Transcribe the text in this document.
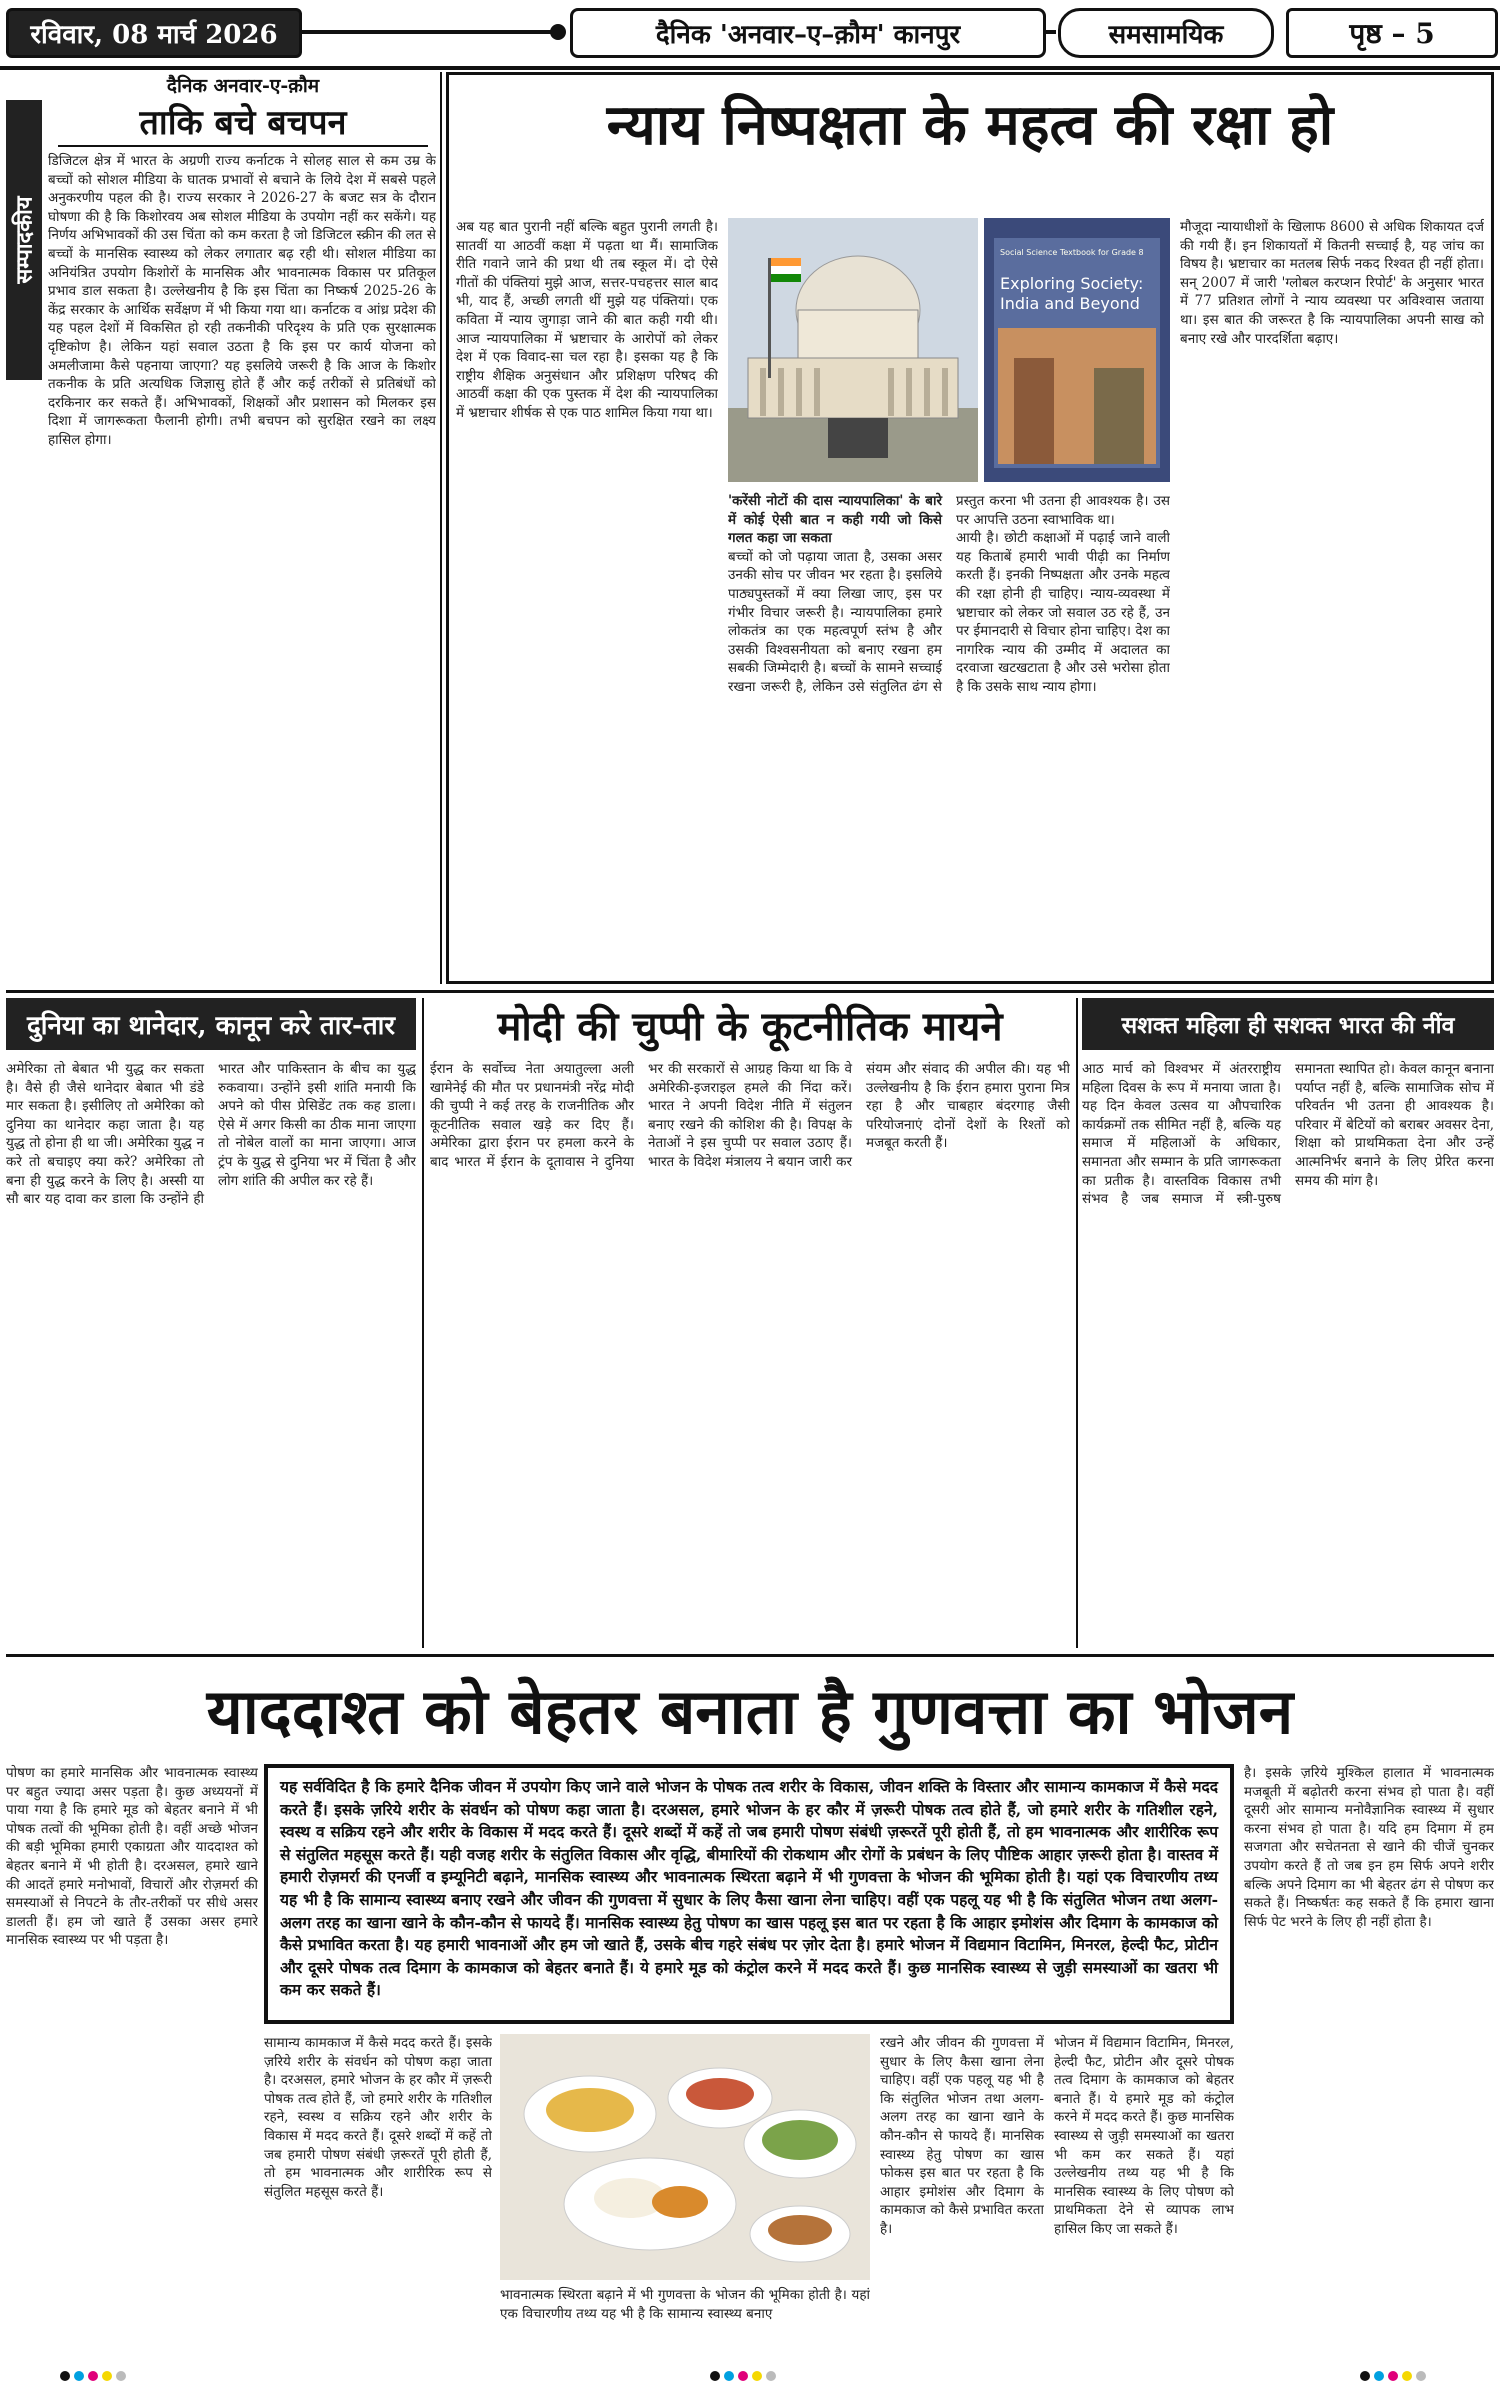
रविवार, 08 मार्च 2026	दैनिक 'अनवार–ए–क़ौम' कानपुर	समसामयिक	पृष्ठ – 5
सम्पादकीय
दैनिक अनवार-ए-क़ौम
ताकि बचे बचपन
डिजिटल क्षेत्र में भारत के अग्रणी राज्य कर्नाटक ने सोलह साल से कम उम्र के बच्चों को सोशल मीडिया के घातक प्रभावों से बचाने के लिये देश में सबसे पहले अनुकरणीय पहल की है। राज्य सरकार ने 2026-27 के बजट सत्र के दौरान घोषणा की है कि किशोरवय अब सोशल मीडिया के उपयोग नहीं कर सकेंगे। यह निर्णय अभिभावकों की उस चिंता को कम करता है जो डिजिटल स्क्रीन की लत से बच्चों के मानसिक स्वास्थ्य को लेकर लगातार बढ़ रही थी। सोशल मीडिया का अनियंत्रित उपयोग किशोरों के मानसिक और भावनात्मक विकास पर प्रतिकूल प्रभाव डाल सकता है। उल्लेखनीय है कि इस चिंता का निष्कर्ष 2025-26 के केंद्र सरकार के आर्थिक सर्वेक्षण में भी किया गया था। कर्नाटक व आंध्र प्रदेश की यह पहल देशों में विकसित हो रही तकनीकी परिदृश्य के प्रति एक सुरक्षात्मक दृष्टिकोण है। लेकिन यहां सवाल उठता है कि इस पर कार्य योजना को अमलीजामा कैसे पहनाया जाएगा? यह इसलिये जरूरी है कि आज के किशोर तकनीक के प्रति अत्यधिक जिज्ञासु होते हैं और कई तरीकों से प्रतिबंधों को दरकिनार कर सकते हैं। अभिभावकों, शिक्षकों और प्रशासन को मिलकर इस दिशा में जागरूकता फैलानी होगी। तभी बचपन को सुरक्षित रखने का लक्ष्य हासिल होगा।
न्याय निष्पक्षता के महत्व की रक्षा हो
अब यह बात पुरानी नहीं बल्कि बहुत पुरानी लगती है। सातवीं या आठवीं कक्षा में पढ़ता था मैं। सामाजिक रीति गवाने जाने की प्रथा थी तब स्कूल में। दो ऐसे गीतों की पंक्तियां मुझे आज, सत्तर-पचहत्तर साल बाद भी, याद हैं, अच्छी लगती थीं मुझे यह पंक्तियां। एक कविता में न्याय जुगाड़ा जाने की बात कही गयी थी। आज न्यायपालिका में भ्रष्टाचार के आरोपों को लेकर देश में एक विवाद-सा चल रहा है। इसका यह है कि राष्ट्रीय शैक्षिक अनुसंधान और प्रशिक्षण परिषद की आठवीं कक्षा की एक पुस्तक में देश की न्यायपालिका में भ्रष्टाचार शीर्षक से एक पाठ शामिल किया गया था।
Exploring Society: India and Beyond
Social Science Textbook for Grade 8
'करेंसी नोटों की दास न्यायपालिका' के बारे में कोई ऐसी बात न कही गयी जो किसे गलत कहा जा सकता
बच्चों को जो पढ़ाया जाता है, उसका असर उनकी सोच पर जीवन भर रहता है। इसलिये पाठ्यपुस्तकों में क्या लिखा जाए, इस पर गंभीर विचार जरूरी है। न्यायपालिका हमारे लोकतंत्र का एक महत्वपूर्ण स्तंभ है और उसकी विश्वसनीयता को बनाए रखना हम सबकी जिम्मेदारी है। बच्चों के सामने सच्चाई रखना जरूरी है, लेकिन उसे संतुलित ढंग से प्रस्तुत करना भी उतना ही आवश्यक है। उस पर आपत्ति उठना स्वाभाविक था।
आयी है। छोटी कक्षाओं में पढ़ाई जाने वाली यह किताबें हमारी भावी पीढ़ी का निर्माण करती हैं। इनकी निष्पक्षता और उनके महत्व की रक्षा होनी ही चाहिए। न्याय-व्यवस्था में भ्रष्टाचार को लेकर जो सवाल उठ रहे हैं, उन पर ईमानदारी से विचार होना चाहिए। देश का नागरिक न्याय की उम्मीद में अदालत का दरवाजा खटखटाता है और उसे भरोसा होता है कि उसके साथ न्याय होगा।
मौजूदा न्यायाधीशों के खिलाफ 8600 से अधिक शिकायत दर्ज की गयी हैं। इन शिकायतों में कितनी सच्चाई है, यह जांच का विषय है। भ्रष्टाचार का मतलब सिर्फ नकद रिश्वत ही नहीं होता। सन् 2007 में जारी 'ग्लोबल करप्शन रिपोर्ट' के अनुसार भारत में 77 प्रतिशत लोगों ने न्याय व्यवस्था पर अविश्वास जताया था। इस बात की जरूरत है कि न्यायपालिका अपनी साख को बनाए रखे और पारदर्शिता बढ़ाए।
दुनिया का थानेदार, कानून करे तार-तार
अमेरिका तो बेबात भी युद्ध कर सकता है। वैसे ही जैसे थानेदार बेबात भी डंडे मार सकता है। इसीलिए तो अमेरिका को दुनिया का थानेदार कहा जाता है। यह युद्ध तो होना ही था जी। अमेरिका युद्ध न करे तो बचाइए क्या करे? अमेरिका तो बना ही युद्ध करने के लिए है। अस्सी या सौ बार यह दावा कर डाला कि उन्होंने ही भारत और पाकिस्तान के बीच का युद्ध रुकवाया। उन्होंने इसी शांति मनायी कि अपने को पीस प्रेसिडेंट तक कह डाला। ऐसे में अगर किसी का ठीक माना जाएगा तो नोबेल वालों का माना जाएगा। आज ट्रंप के युद्ध से दुनिया भर में चिंता है और लोग शांति की अपील कर रहे हैं।
मोदी की चुप्पी के कूटनीतिक मायने
ईरान के सर्वोच्च नेता अयातुल्ला अली खामेनेई की मौत पर प्रधानमंत्री नरेंद्र मोदी की चुप्पी ने कई तरह के राजनीतिक और कूटनीतिक सवाल खड़े कर दिए हैं। अमेरिका द्वारा ईरान पर हमला करने के बाद भारत में ईरान के दूतावास ने दुनिया भर की सरकारों से आग्रह किया था कि वे अमेरिकी-इजराइल हमले की निंदा करें। भारत ने अपनी विदेश नीति में संतुलन बनाए रखने की कोशिश की है। विपक्ष के नेताओं ने इस चुप्पी पर सवाल उठाए हैं। भारत के विदेश मंत्रालय ने बयान जारी कर संयम और संवाद की अपील की। यह भी उल्लेखनीय है कि ईरान हमारा पुराना मित्र रहा है और चाबहार बंदरगाह जैसी परियोजनाएं दोनों देशों के रिश्तों को मजबूत करती हैं।
सशक्त महिला ही सशक्त भारत की नींव
आठ मार्च को विश्वभर में अंतरराष्ट्रीय महिला दिवस के रूप में मनाया जाता है। यह दिन केवल उत्सव या औपचारिक कार्यक्रमों तक सीमित नहीं है, बल्कि यह समाज में महिलाओं के अधिकार, समानता और सम्मान के प्रति जागरूकता का प्रतीक है। वास्तविक विकास तभी संभव है जब समाज में स्त्री-पुरुष समानता स्थापित हो। केवल कानून बनाना पर्याप्त नहीं है, बल्कि सामाजिक सोच में परिवर्तन भी उतना ही आवश्यक है। परिवार में बेटियों को बराबर अवसर देना, शिक्षा को प्राथमिकता देना और उन्हें आत्मनिर्भर बनाने के लिए प्रेरित करना समय की मांग है।
याददाश्त को बेहतर बनाता है गुणवत्ता का भोजन
पोषण का हमारे मानसिक और भावनात्मक स्वास्थ्य पर बहुत ज्यादा असर पड़ता है। कुछ अध्ययनों में पाया गया है कि हमारे मूड को बेहतर बनाने में भी पोषक तत्वों की भूमिका होती है। वहीं अच्छे भोजन की बड़ी भूमिका हमारी एकाग्रता और याददाश्त को बेहतर बनाने में भी होती है। दरअसल, हमारे खाने की आदतें हमारे मनोभावों, विचारों और रोज़मर्रा की समस्याओं से निपटने के तौर-तरीकों पर सीधे असर डालती हैं। हम जो खाते हैं उसका असर हमारे मानसिक स्वास्थ्य पर भी पड़ता है।
यह सर्वविदित है कि हमारे दैनिक जीवन में उपयोग किए जाने वाले भोजन के पोषक तत्व शरीर के विकास, जीवन शक्ति के विस्तार और सामान्य कामकाज में कैसे मदद करते हैं। इसके ज़रिये शरीर के संवर्धन को पोषण कहा जाता है। दरअसल, हमारे भोजन के हर कौर में ज़रूरी पोषक तत्व होते हैं, जो हमारे शरीर के गतिशील रहने, स्वस्थ व सक्रिय रहने और शरीर के विकास में मदद करते हैं। दूसरे शब्दों में कहें तो जब हमारी पोषण संबंधी ज़रूरतें पूरी होती हैं, तो हम भावनात्मक और शारीरिक रूप से संतुलित महसूस करते हैं। यही वजह शरीर के संतुलित विकास और वृद्धि, बीमारियों की रोकथाम और रोगों के प्रबंधन के लिए पौष्टिक आहार ज़रूरी होता है। वास्तव में हमारी रोज़मर्रा की एनर्जी व इम्यूनिटी बढ़ाने, मानसिक स्वास्थ्य और भावनात्मक स्थिरता बढ़ाने में भी गुणवत्ता के भोजन की भूमिका होती है। यहां एक विचारणीय तथ्य यह भी है कि सामान्य स्वास्थ्य बनाए रखने और जीवन की गुणवत्ता में सुधार के लिए कैसा खाना लेना चाहिए। वहीं एक पहलू यह भी है कि संतुलित भोजन तथा अलग-अलग तरह का खाना खाने के कौन-कौन से फायदे हैं। मानसिक स्वास्थ्य हेतु पोषण का खास पहलू इस बात पर रहता है कि आहार इमोशंस और दिमाग के कामकाज को कैसे प्रभावित करता है। यह हमारी भावनाओं और हम जो खाते हैं, उसके बीच गहरे संबंध पर ज़ोर देता है। हमारे भोजन में विद्यमान विटामिन, मिनरल, हेल्दी फैट, प्रोटीन और दूसरे पोषक तत्व दिमाग के कामकाज को बेहतर बनाते हैं। ये हमारे मूड को कंट्रोल करने में मदद करते हैं। कुछ मानसिक स्वास्थ्य से जुड़ी समस्याओं का खतरा भी कम कर सकते हैं।
सामान्य कामकाज में कैसे मदद करते हैं। इसके ज़रिये शरीर के संवर्धन को पोषण कहा जाता है। दरअसल, हमारे भोजन के हर कौर में ज़रूरी पोषक तत्व होते हैं, जो हमारे शरीर के गतिशील रहने, स्वस्थ व सक्रिय रहने और शरीर के विकास में मदद करते हैं। दूसरे शब्दों में कहें तो जब हमारी पोषण संबंधी ज़रूरतें पूरी होती हैं, तो हम भावनात्मक और शारीरिक रूप से संतुलित महसूस करते हैं।
भावनात्मक स्थिरता बढ़ाने में भी गुणवत्ता के भोजन की भूमिका होती है। यहां एक विचारणीय तथ्य यह भी है कि सामान्य स्वास्थ्य बनाए
रखने और जीवन की गुणवत्ता में सुधार के लिए कैसा खाना लेना चाहिए। वहीं एक पहलू यह भी है कि संतुलित भोजन तथा अलग-अलग तरह का खाना खाने के कौन-कौन से फायदे हैं। मानसिक स्वास्थ्य हेतु पोषण का खास फोकस इस बात पर रहता है कि आहार इमोशंस और दिमाग के कामकाज को कैसे प्रभावित करता है।
भोजन में विद्यमान विटामिन, मिनरल, हेल्दी फैट, प्रोटीन और दूसरे पोषक तत्व दिमाग के कामकाज को बेहतर बनाते हैं। ये हमारे मूड को कंट्रोल करने में मदद करते हैं। कुछ मानसिक स्वास्थ्य से जुड़ी समस्याओं का खतरा भी कम कर सकते हैं। यहां उल्लेखनीय तथ्य यह भी है कि मानसिक स्वास्थ्य के लिए पोषण को प्राथमिकता देने से व्यापक लाभ हासिल किए जा सकते हैं।
है। इसके ज़रिये मुश्किल हालात में भावनात्मक मजबूती में बढ़ोतरी करना संभव हो पाता है। वहीं दूसरी ओर सामान्य मनोवैज्ञानिक स्वास्थ्य में सुधार करना संभव हो पाता है। यदि हम दिमाग में हम सजगता और सचेतनता से खाने की चीजें चुनकर उपयोग करते हैं तो जब इन हम सिर्फ अपने शरीर बल्कि अपने दिमाग का भी बेहतर ढंग से पोषण कर सकते हैं। निष्कर्षतः कह सकते हैं कि हमारा खाना सिर्फ पेट भरने के लिए ही नहीं होता है।
